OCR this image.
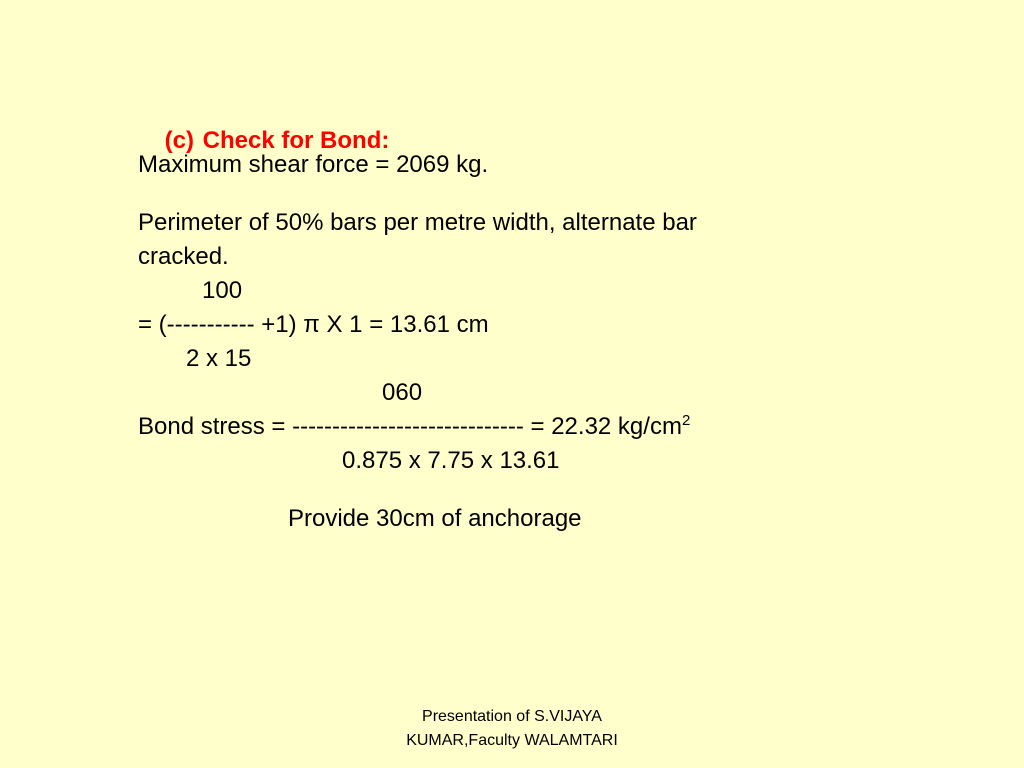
(c) Check for Bond:

Maximum shear force = 2069 kg.

Perimeter of 50% bars per metre width, alternate bar

cracked.

100

= (----------- +1) π X 1 = 13.61 cm

2 x 15

060

Bond stress = ----------------------------- = 22.32 $kg/cm^2$

0.875 x 7.75 x 13.61

Provide 30cm of anchorage

Presentation of S.VIJAYA
KUMAR,Faculty WALAMTARI
